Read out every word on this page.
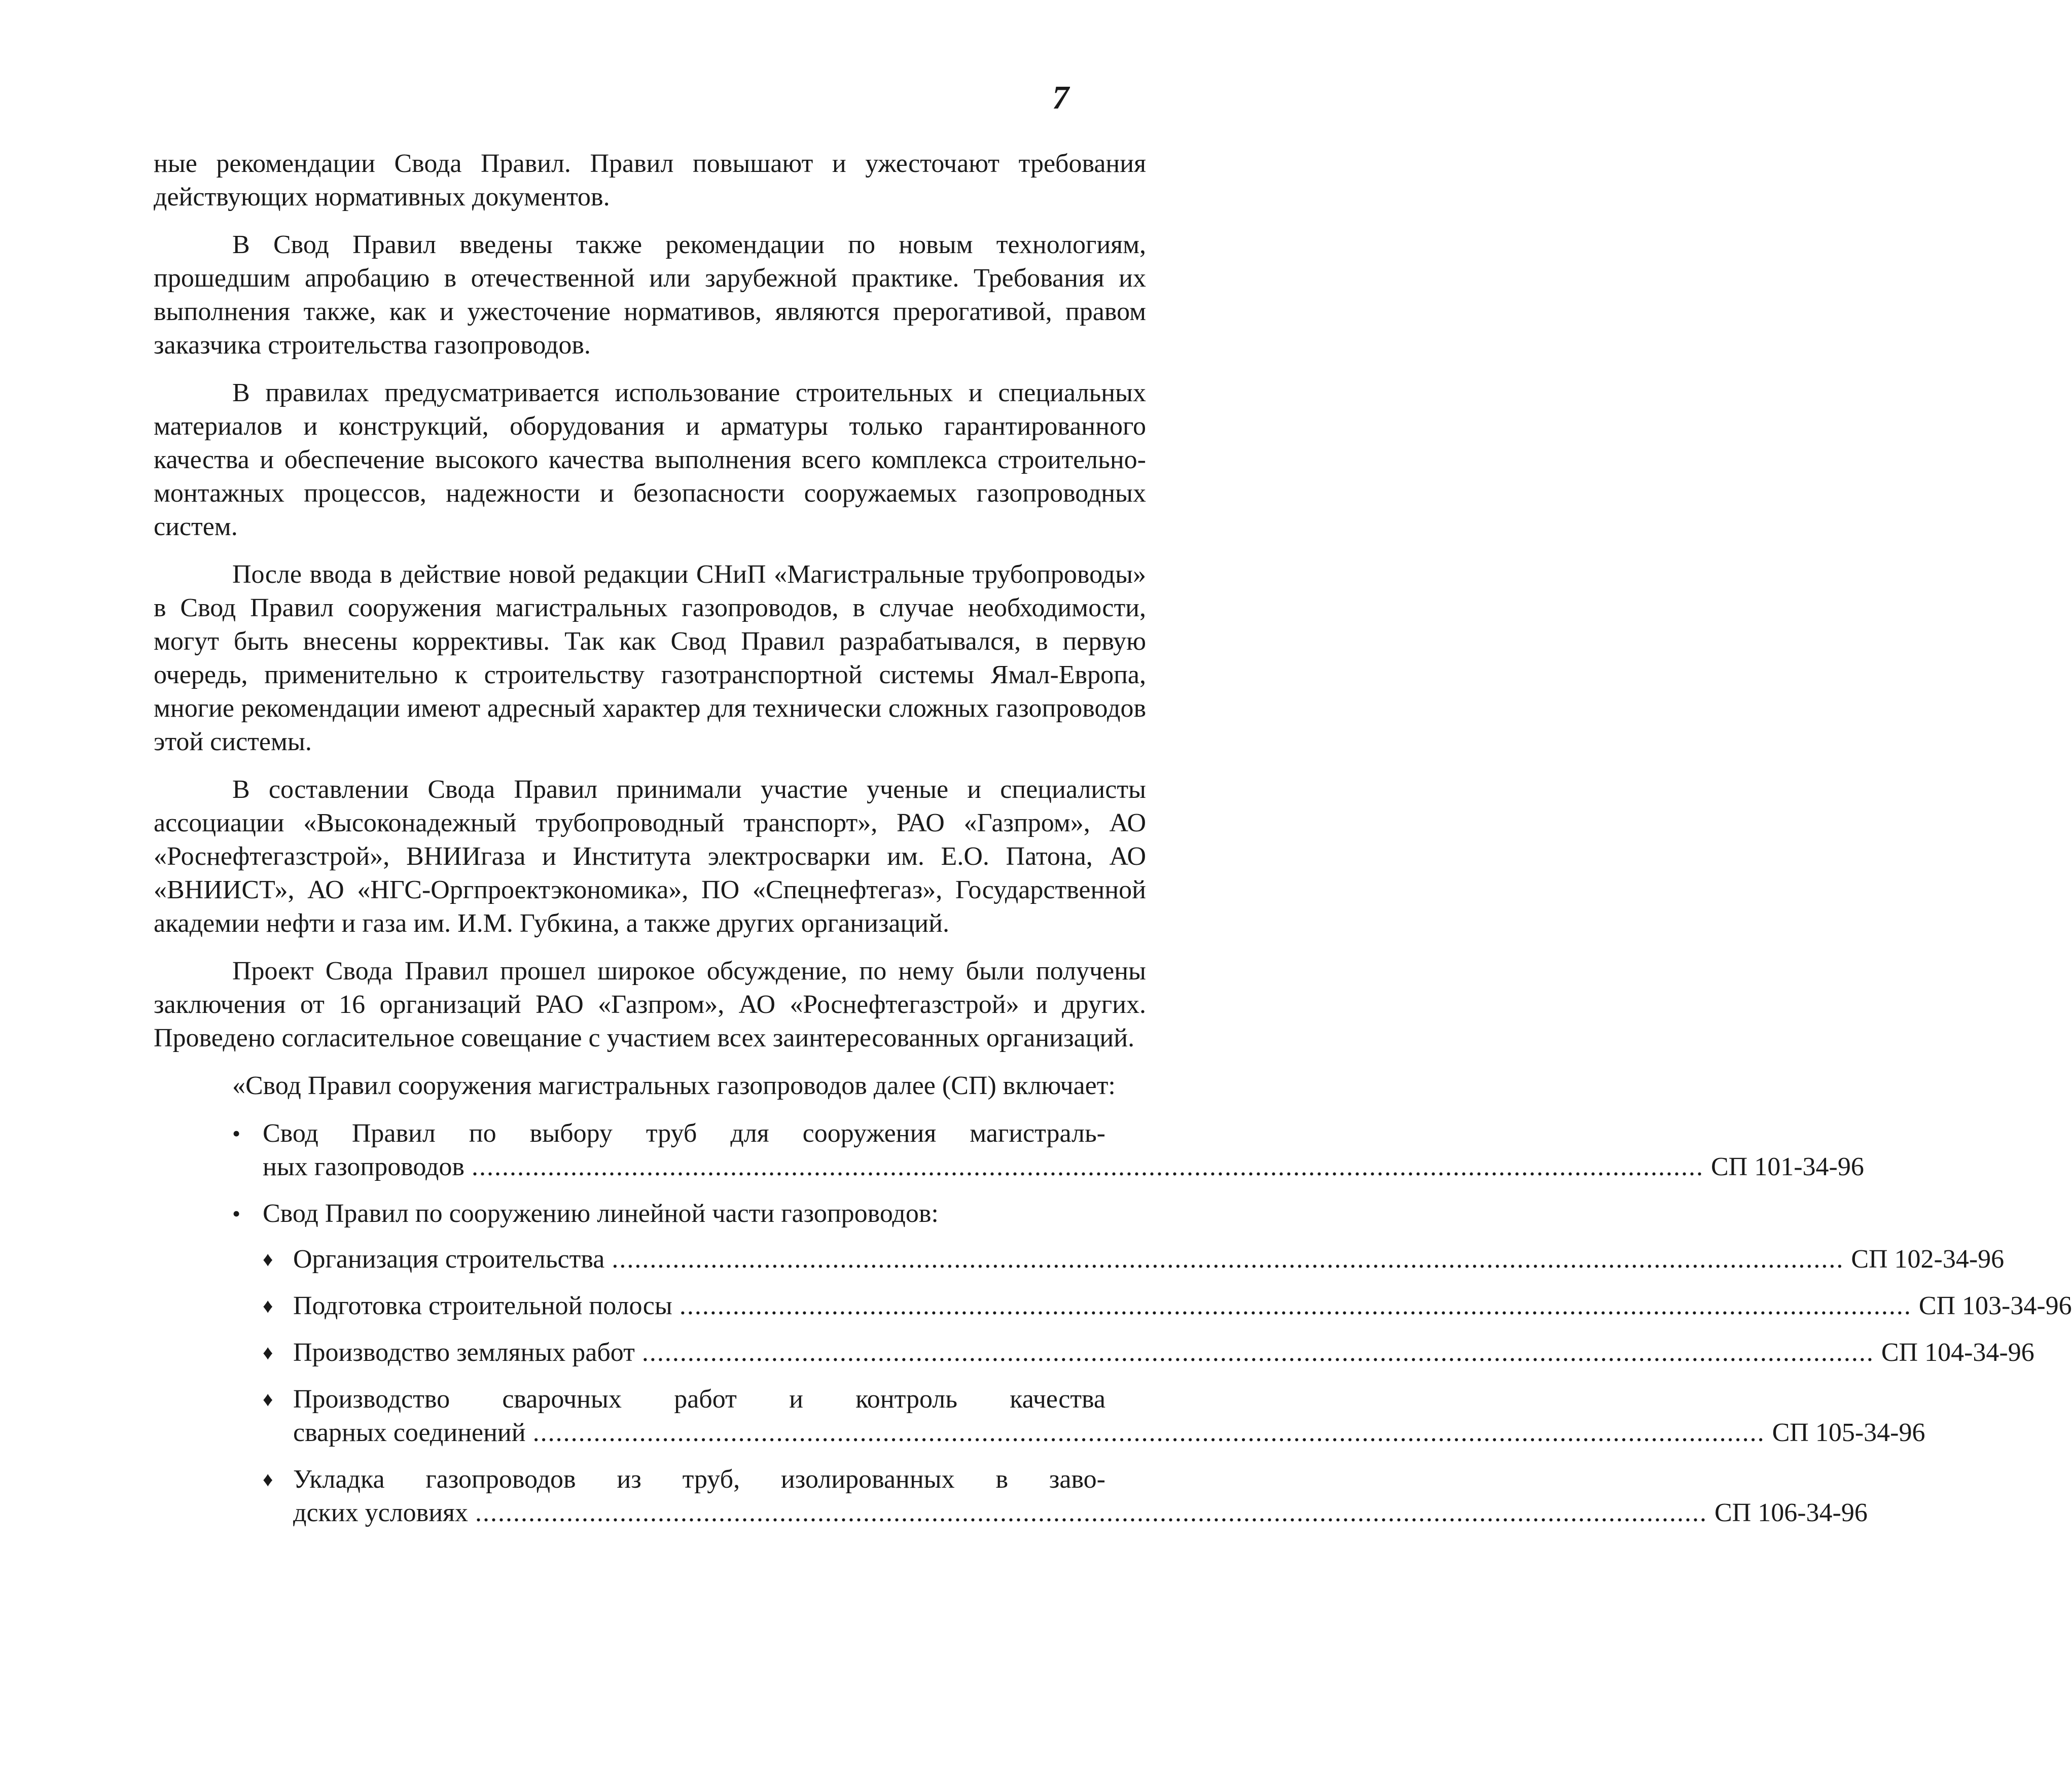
7

ные рекомендации Свода Правил. Правил повышают и ужесточают требования действующих нормативных документов.

В Свод Правил введены также рекомендации по новым технологиям, прошедшим апробацию в отечественной или зарубежной практике. Требования их выполнения также, как и ужесточение нормативов, являются прерогативой, правом заказчика строительства газопроводов.

В правилах предусматривается использование строительных и специальных материалов и конструкций, оборудования и арматуры только гарантированного качества и обеспечение высокого качества выполнения всего комплекса строительно-монтажных процессов, надежности и безопасности сооружаемых газопроводных систем.

После ввода в действие новой редакции СНиП «Магистральные трубопроводы» в Свод Правил сооружения магистральных газопроводов, в случае необходимости, могут быть внесены коррективы. Так как Свод Правил разрабатывался, в первую очередь, применительно к строительству газотранспортной системы Ямал-Европа, многие рекомендации имеют адресный характер для технически сложных газопроводов этой системы.

В составлении Свода Правил принимали участие ученые и специалисты ассоциации «Высоконадежный трубопроводный транспорт», РАО «Газпром», АО «Роснефтегазстрой», ВНИИгаза и Института электросварки им. Е.О. Патона, АО «ВНИИСТ», АО «НГС-Оргпроектэкономика», ПО «Спецнефтегаз», Государственной академии нефти и газа им. И.М. Губкина, а также других организаций.

Проект Свода Правил прошел широкое обсуждение, по нему были получены заключения от 16 организаций РАО «Газпром», АО «Роснефтегазстрой» и других. Проведено согласительное совещание с участием всех заинтересованных организаций.

«Свод Правил сооружения магистральных газопроводов далее (СП) включает:

• Свод Правил по выбору труб для сооружения магистраль-
ных газопроводов .................................................................................................................................................................. СП 101-34-96
• Свод Правил по сооружению линейной части газопроводов:
♦ Организация строительства .................................................................................................................................................................. СП 102-34-96
♦ Подготовка строительной полосы .................................................................................................................................................................. СП 103-34-96
♦ Производство земляных работ .................................................................................................................................................................. СП 104-34-96
♦ Производство сварочных работ и контроль качества
сварных соединений .................................................................................................................................................................. СП 105-34-96
♦ Укладка газопроводов из труб, изолированных в заво-
дских условиях .................................................................................................................................................................. СП 106-34-96
